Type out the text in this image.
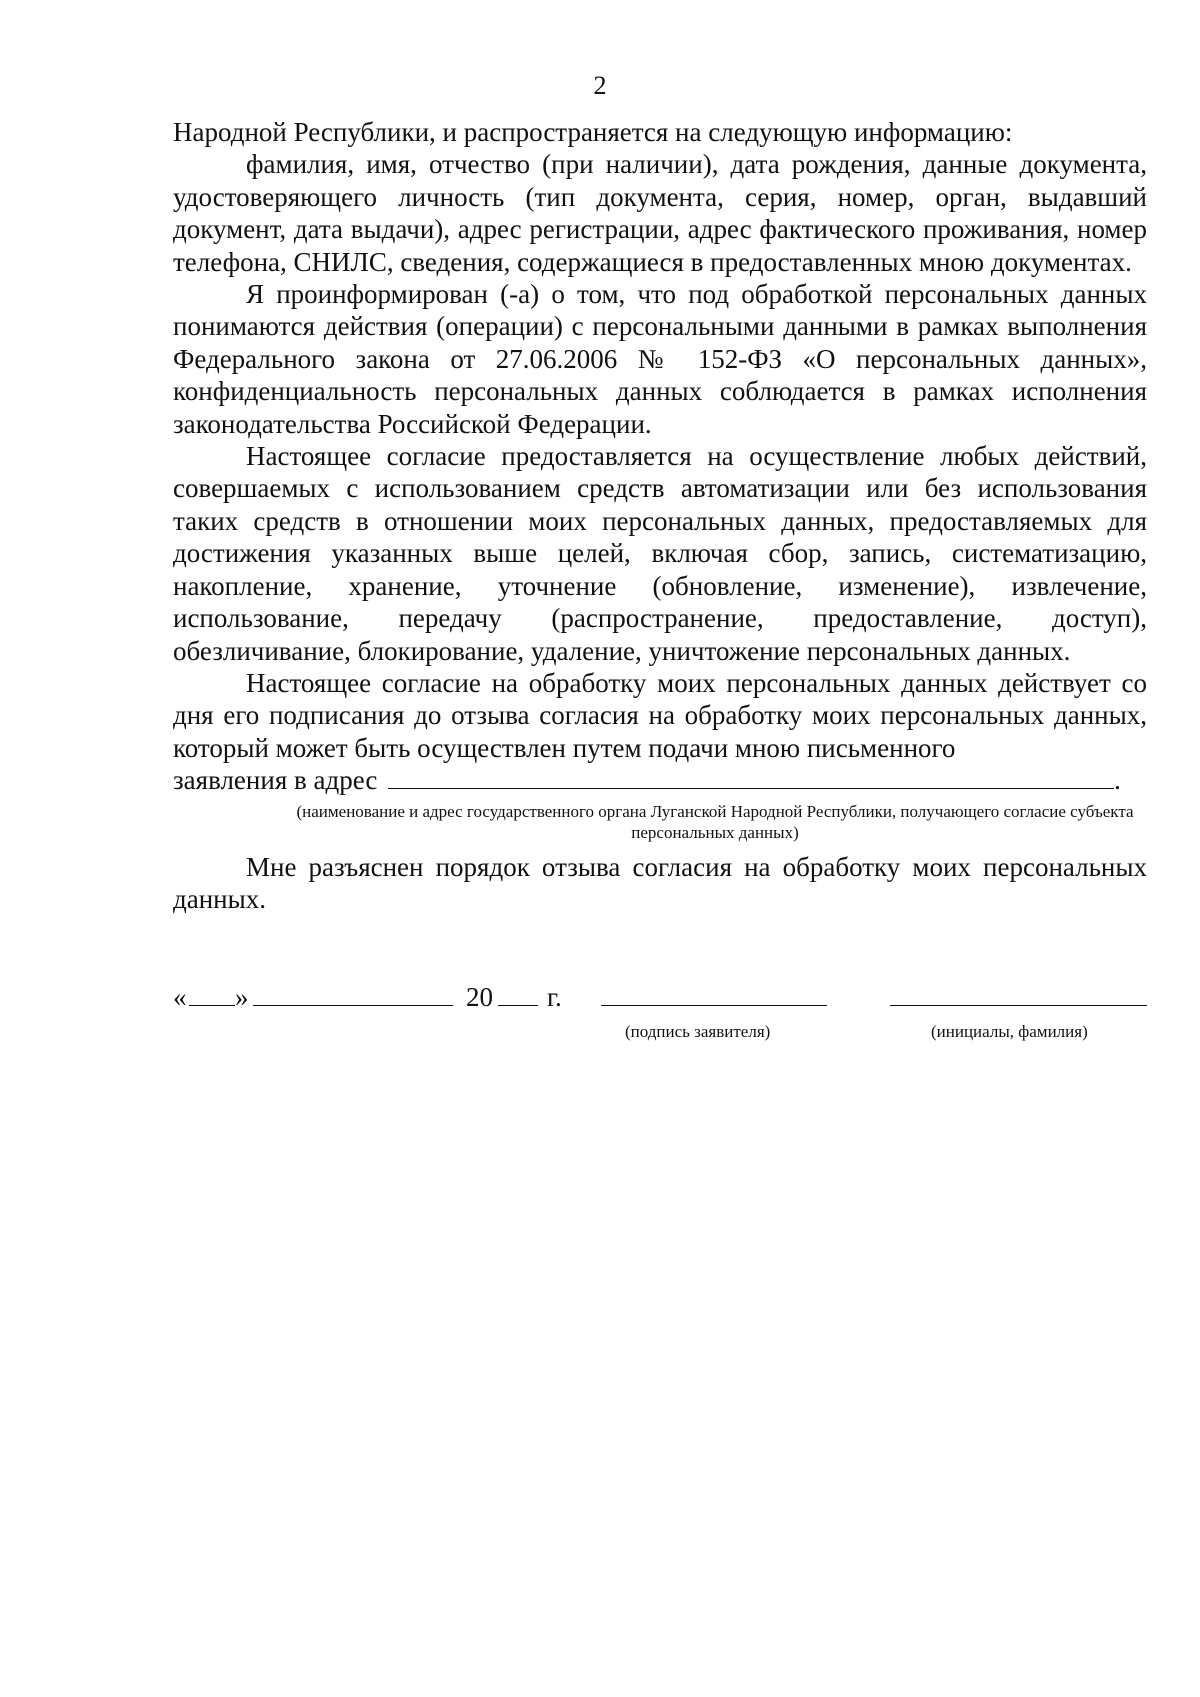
2

Народной Республики, и распространяется на следующую информацию:

фамилия, имя, отчество (при наличии), дата рождения, данные документа, удостоверяющего личность (тип документа, серия, номер, орган, выдавший документ, дата выдачи), адрес регистрации, адрес фактического проживания, номер телефона, СНИЛС, сведения, содержащиеся в предоставленных мною документах.

Я проинформирован (-а) о том, что под обработкой персональных данных понимаются действия (операции) с персональными данными в рамках выполнения Федерального закона от 27.06.2006 № 152-ФЗ «О персональных данных», конфиденциальность персональных данных соблюдается в рамках исполнения законодательства Российской Федерации.

Настоящее согласие предоставляется на осуществление любых действий, совершаемых с использованием средств автоматизации или без использования таких средств в отношении моих персональных данных, предоставляемых для достижения указанных выше целей, включая сбор, запись, систематизацию, накопление, хранение, уточнение (обновление, изменение), извлечение, использование, передачу (распространение, предоставление, доступ), обезличивание, блокирование, удаление, уничтожение персональных данных.

Настоящее согласие на обработку моих персональных данных действует со дня его подписания до отзыва согласия на обработку моих персональных данных, который может быть осуществлен путем подачи мною письменного

заявления в адрес	.

(наименование и адрес государственного органа Луганской Народной Республики, получающего согласие субъекта персональных данных)

Мне разъяснен порядок отзыва согласия на обработку моих персональных данных.

« »	20 г.
(подпись заявителя)	(инициалы, фамилия)
